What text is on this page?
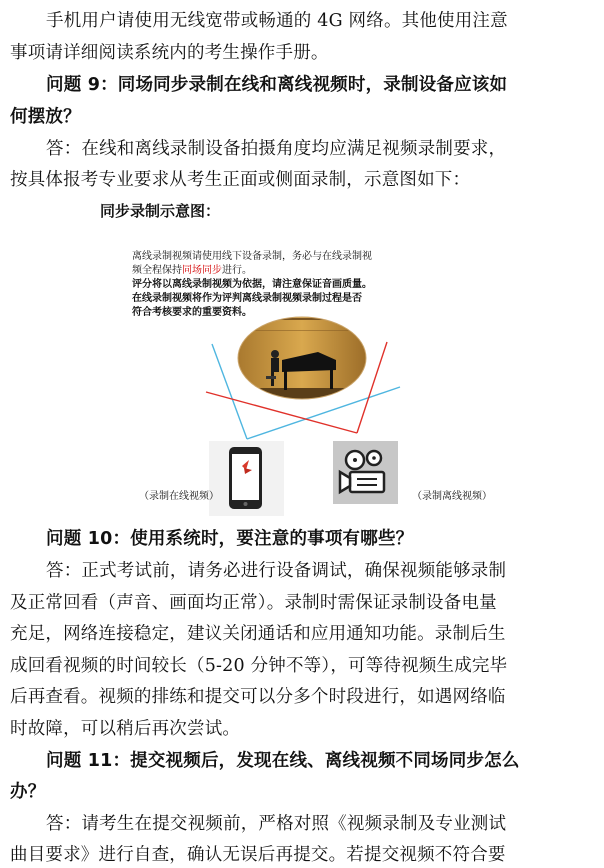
手机用户请使用无线宽带或畅通的 4G 网络。其他使用注意
事项请详细阅读系统内的考生操作手册。
问题 9：同场同步录制在线和离线视频时，录制设备应该如
何摆放？
答：在线和离线录制设备拍摄角度均应满足视频录制要求，
按具体报考专业要求从考生正面或侧面录制，示意图如下：
同步录制示意图：
离线录制视频请使用线下设备录制，务必与在线录制视
频全程保持同场同步进行。
评分将以离线录制视频为依据，请注意保证音画质量。
在线录制视频将作为评判离线录制视频录制过程是否
符合考核要求的重要资料。
（录制在线视频）	（录制离线视频）
问题 10：使用系统时，要注意的事项有哪些？
答：正式考试前，请务必进行设备调试，确保视频能够录制
及正常回看（声音、画面均正常）。录制时需保证录制设备电量
充足，网络连接稳定，建议关闭通话和应用通知功能。录制后生
成回看视频的时间较长（5-20 分钟不等），可等待视频生成完毕
后再查看。视频的排练和提交可以分多个时段进行，如遇网络临
时故障，可以稍后再次尝试。
问题 11：提交视频后，发现在线、离线视频不同场同步怎么
办？
答：请考生在提交视频前，严格对照《视频录制及专业测试
曲目要求》进行自查，确认无误后再提交。若提交视频不符合要
